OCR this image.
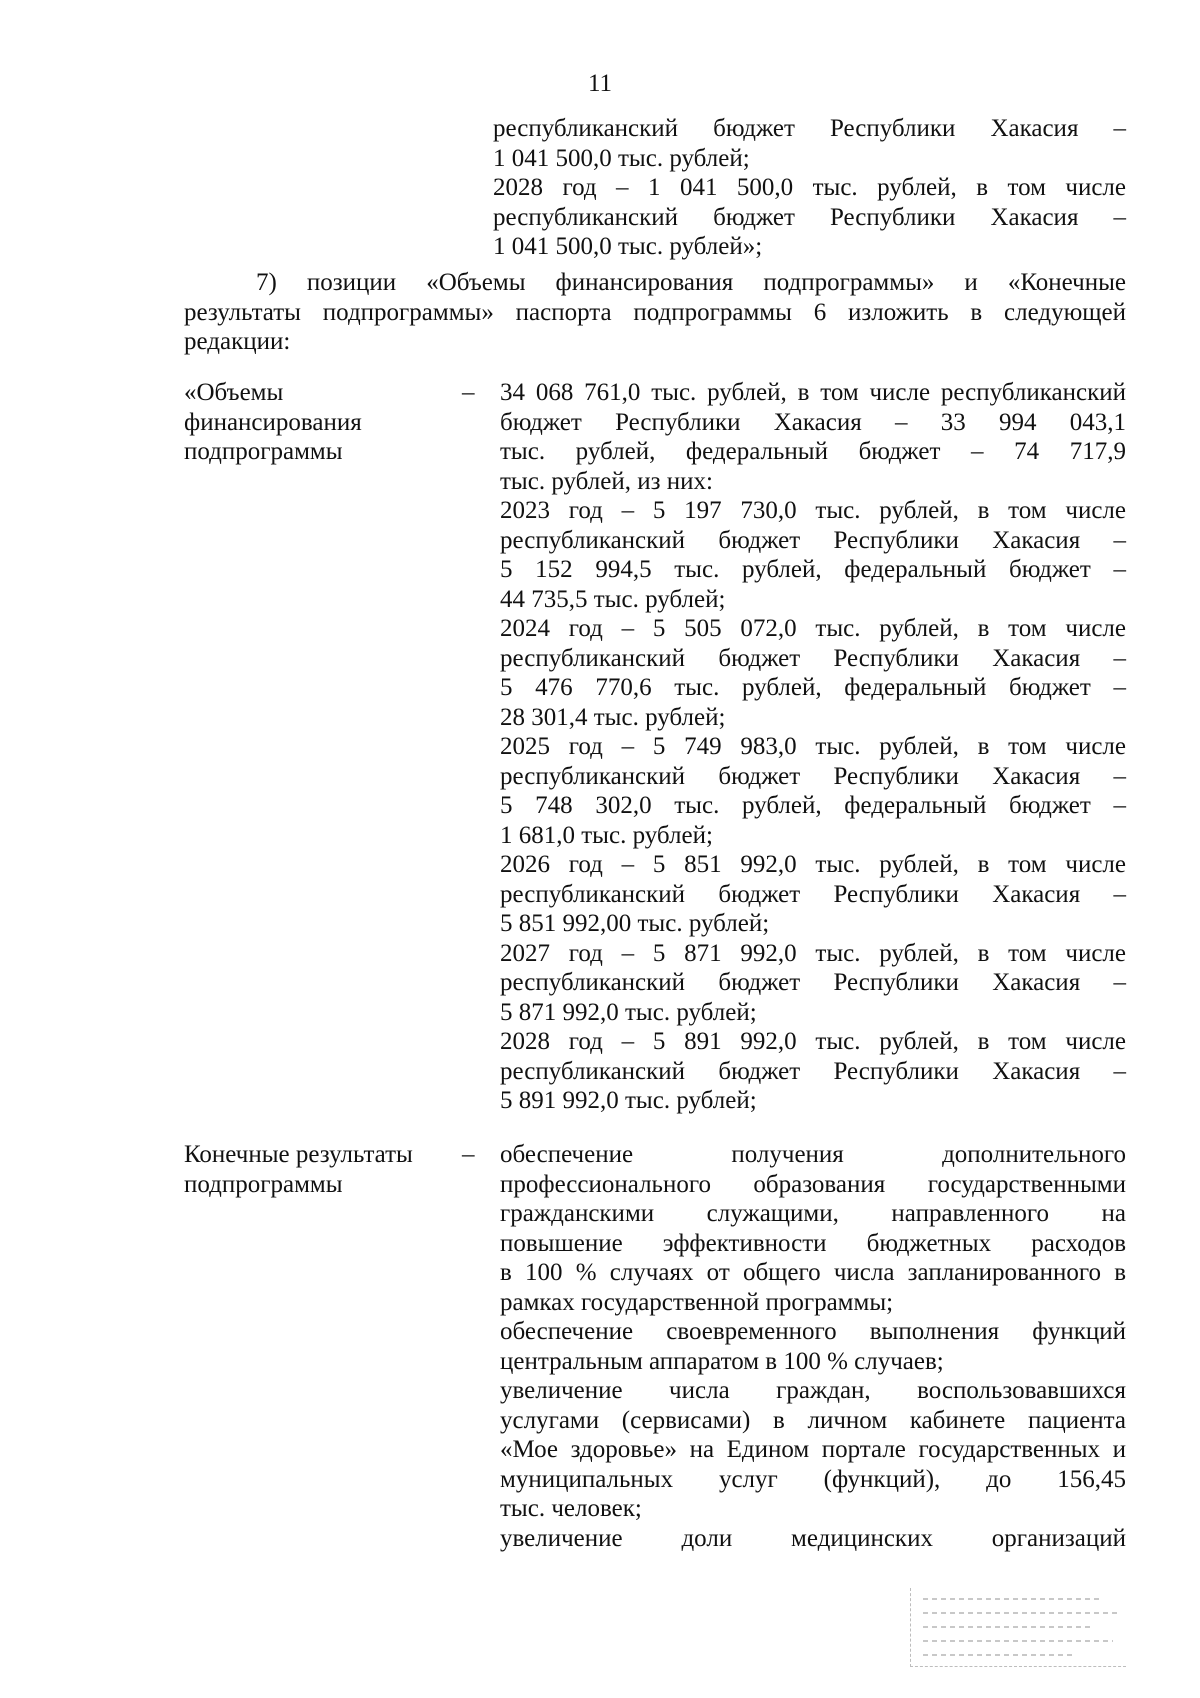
11
республиканский бюджет Республики Хакасия –
1 041 500,0 тыс. рублей;
2028 год – 1 041 500,0 тыс. рублей, в том числе
республиканский бюджет Республики Хакасия –
1 041 500,0 тыс. рублей»;
7) позиции «Объемы финансирования подпрограммы» и «Конечные
результаты подпрограммы» паспорта подпрограммы 6 изложить в следующей
редакции:
«Объемы
финансирования
подпрограммы
– 34 068 761,0 тыс. рублей, в том числе республиканский
бюджет Республики Хакасия – 33 994 043,1
тыс. рублей, федеральный бюджет – 74 717,9
тыс. рублей, из них:
2023 год – 5 197 730,0 тыс. рублей, в том числе
республиканский бюджет Республики Хакасия –
5 152 994,5 тыс. рублей, федеральный бюджет –
44 735,5 тыс. рублей;
2024 год – 5 505 072,0 тыс. рублей, в том числе
республиканский бюджет Республики Хакасия –
5 476 770,6 тыс. рублей, федеральный бюджет –
28 301,4 тыс. рублей;
2025 год – 5 749 983,0 тыс. рублей, в том числе
республиканский бюджет Республики Хакасия –
5 748 302,0 тыс. рублей, федеральный бюджет –
1 681,0 тыс. рублей;
2026 год – 5 851 992,0 тыс. рублей, в том числе
республиканский бюджет Республики Хакасия –
5 851 992,00 тыс. рублей;
2027 год – 5 871 992,0 тыс. рублей, в том числе
республиканский бюджет Республики Хакасия –
5 871 992,0 тыс. рублей;
2028 год – 5 891 992,0 тыс. рублей, в том числе
республиканский бюджет Республики Хакасия –
5 891 992,0 тыс. рублей;
Конечные результаты
подпрограммы
– обеспечение получения дополнительного
профессионального образования государственными
гражданскими служащими, направленного на
повышение эффективности бюджетных расходов
в 100 % случаях от общего числа запланированного в
рамках государственной программы;
обеспечение своевременного выполнения функций
центральным аппаратом в 100 % случаев;
увеличение числа граждан, воспользовавшихся
услугами (сервисами) в личном кабинете пациента
«Мое здоровье» на Едином портале государственных и
муниципальных услуг (функций), до 156,45
тыс. человек;
увеличение доли медицинских организаций
